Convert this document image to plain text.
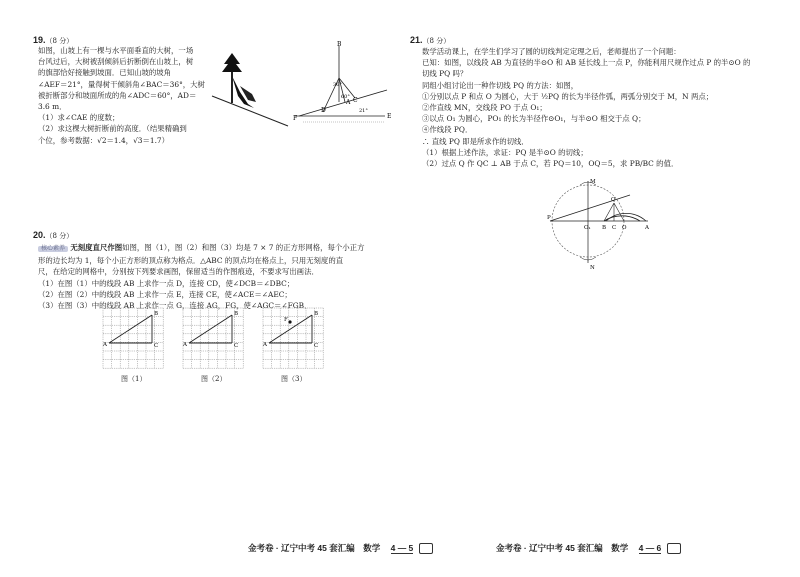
19.（8 分）
如图，山坡上有一棵与水平面垂直的大树，一场
台风过后，大树被刮倾斜后折断倒在山坡上，树
的旗部恰好接触到坡面．已知山坡的坡角
∠AEF＝21°，量得树干倾斜角∠BAC＝36°，大树
被折断部分和坡面所成的角∠ADC＝60°，AD＝
3.6 m．
（1）求∠CAE 的度数；
（2）求这棵大树折断前的高度．（结果精确到
个位，参考数据：√2＝1.4，√3＝1.7）
B
36°
60°
21°
A C
D
E
F
20.（8 分）
核心素养 无刻度直尺作图如图，图（1），图（2）和图（3）均是 7 × 7 的正方形网格，每个小正方
形的边长均为 1，每个小正方形的顶点称为格点．△ABC 的顶点均在格点上，只用无刻度的直
尺，在给定的网格中，分别按下列要求画图，保留适当的作图痕迹，不要求写出画法．
（1）在图（1）中的线段 AB 上求作一点 D，连接 CD，使∠DCB＝∠DBC；
（2）在图（2）中的线段 AB 上求作一点 E，连接 CE，使∠ACE＝∠AEC；
（3）在图（3）中的线段 AB 上求作一点 G，连接 AG，FG，使∠AGC＝∠FGB．
A
B
C	A
B
C
F
A
B
C
图（1）	图（2）	图（3）
21.（8 分）
数学活动课上，在学生们学习了圆的切线判定定理之后，老师提出了一个问题：
已知：如图，以线段 AB 为直径的半⊙O 和 AB 延长线上一点 P，你能利用尺规作过点 P 的半⊙O 的
切线 PQ 吗？
同组小组讨论出一种作切线 PQ 的方法：如图，
①分别以点 P 和点 O 为圆心，大于 ½PQ 的长为半径作弧，两弧分别交于 M，N 两点；
②作直线 MN，交线段 PO 于点 O₁；
③以点 O₁ 为圆心，PO₁ 的长为半径作⊙O₁，与半⊙O 相交于点 Q；
④作线段 PQ．
∴ 直线 PQ 即是所求作的切线．
（1）根据上述作法，求证：PQ 是半⊙O 的切线；
（2）过点 Q 作 QC ⊥ AB 于点 C，若 PQ＝10，OQ＝5，求 PB/BC 的值．
M
N
P
Q
O₁ B C O	A
金考卷 · 辽宁中考 45 套汇编　数学 4 — 5	金考卷 · 辽宁中考 45 套汇编　数学 4 — 6
